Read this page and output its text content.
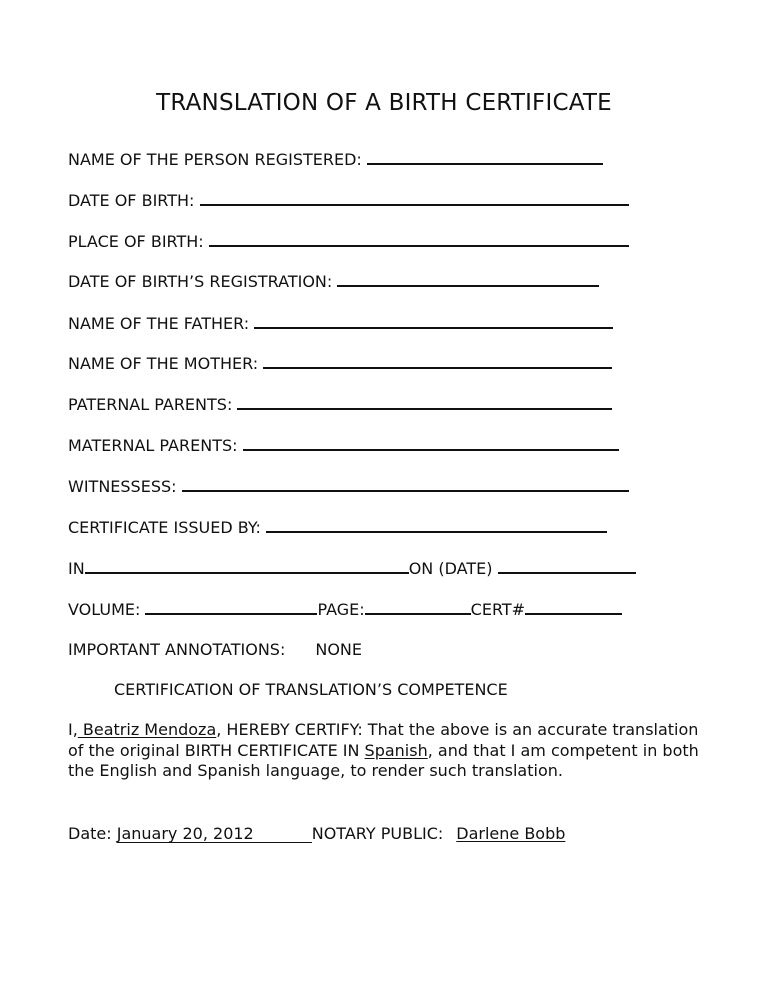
TRANSLATION OF A BIRTH CERTIFICATE
NAME OF THE PERSON REGISTERED:
DATE OF BIRTH:
PLACE OF BIRTH:
DATE OF BIRTH’S REGISTRATION:
NAME OF THE FATHER:
NAME OF THE MOTHER:
PATERNAL PARENTS:
MATERNAL PARENTS:
WITNESSESS:
CERTIFICATE ISSUED BY:
IN	ON (DATE)
VOLUME:	PAGE:	CERT#
IMPORTANT ANNOTATIONS: NONE
CERTIFICATION OF TRANSLATION’S COMPETENCE
I, Beatriz Mendoza, HEREBY CERTIFY: That the above is an accurate translation of the original BIRTH CERTIFICATE IN Spanish, and that I am competent in both the English and Spanish language, to render such translation.
Date: January 20, 2012	NOTARY PUBLIC: Darlene Bobb
